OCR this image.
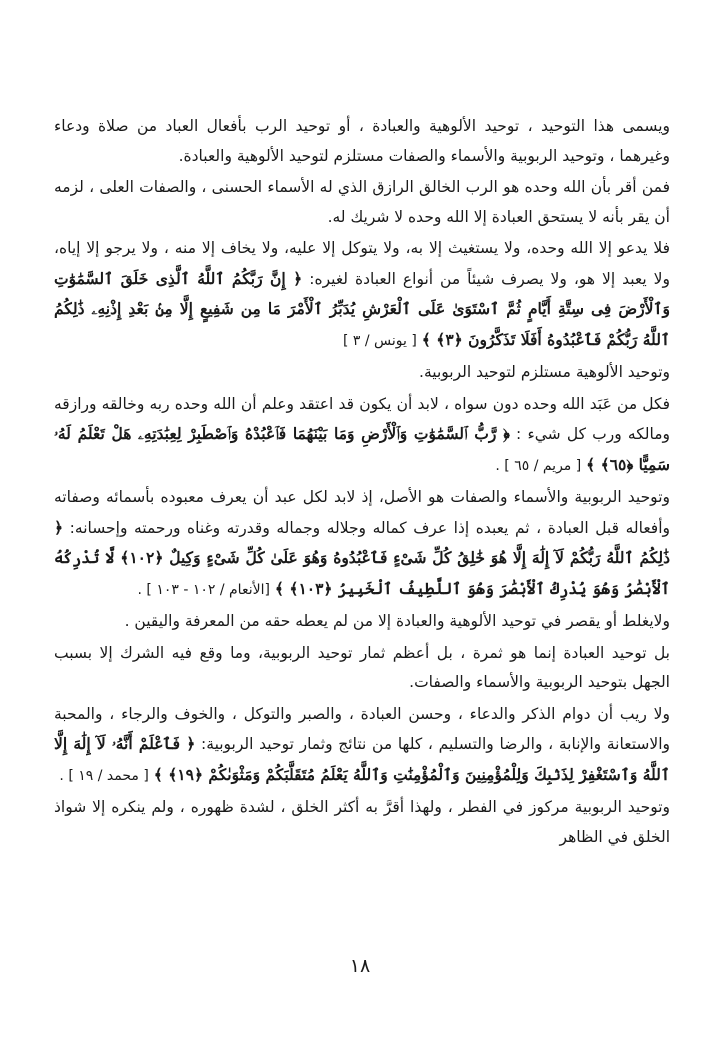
ويسمى هذا التوحيد ، توحيد الألوهية والعبادة ، أو توحيد الرب بأفعال العباد من صلاة ودعاء وغيرهما ، وتوحيد الربوبية والأسماء والصفات مستلزم لتوحيد الألوهية والعبادة.

فمن أقر بأن الله وحده هو الرب الخالق الرازق الذي له الأسماء الحسنى ، والصفات العلى ، لزمه أن يقر بأنه لا يستحق العبادة إلا الله وحده لا شريك له.

فلا يدعو إلا الله وحده، ولا يستغيث إلا به، ولا يتوكل إلا عليه، ولا يخاف إلا منه ، ولا يرجو إلا إياه، ولا يعبد إلا هو، ولا يصرف شيئاً من أنواع العبادة لغيره: ﴿ إِنَّ رَبَّكُمُ ٱللَّهُ ٱلَّذِى خَلَقَ ٱلسَّمَٰوَٰتِ وَٱلْأَرْضَ فِى سِتَّةِ أَيَّامٍ ثُمَّ ٱسْتَوَىٰ عَلَى ٱلْعَرْشِ يُدَبِّرُ ٱلْأَمْرَ مَا مِن شَفِيعٍ إِلَّا مِنۢ بَعْدِ إِذْنِهِۦ ذَٰلِكُمُ ٱللَّهُ رَبُّكُمْ فَٱعْبُدُوهُ أَفَلَا تَذَكَّرُونَ ﴿٣﴾ ﴾ [ يونس / ٣ ]

وتوحيد الألوهية مستلزم لتوحيد الربوبية.

فكل من عَبَد الله وحده دون سواه ، لابد أن يكون قد اعتقد وعلم أن الله وحده ربه وخالقه ورازقه ومالكه ورب كل شيء : ﴿ رَّبُّ ٱلسَّمَٰوَٰتِ وَٱلْأَرْضِ وَمَا بَيْنَهُمَا فَٱعْبُدْهُ وَٱصْطَبِرْ لِعِبَٰدَتِهِۦ هَلْ تَعْلَمُ لَهُۥ سَمِيًّا ﴿٦٥﴾ ﴾ [ مريم / ٦٥ ] .

وتوحيد الربوبية والأسماء والصفات هو الأصل، إذ لابد لكل عبد أن يعرف معبوده بأسمائه وصفاته وأفعاله قبل العبادة ، ثم يعبده إذا عرف كماله وجلاله وجماله وقدرته وغناه ورحمته وإحسانه: ﴿ ذَٰلِكُمُ ٱللَّهُ رَبُّكُمْ لَآ إِلَٰهَ إِلَّا هُوَ خَٰلِقُ كُلِّ شَىْءٍ فَٱعْبُدُوهُ وَهُوَ عَلَىٰ كُلِّ شَىْءٍ وَكِيلٌ ﴿١٠٢﴾ لَّا تُدْرِكُهُ ٱلْأَبْصَٰرُ وَهُوَ يُدْرِكُ ٱلْأَبْصَٰرَ وَهُوَ ٱللَّطِيفُ ٱلْخَبِيرُ ﴿١٠٣﴾ ﴾ [الأنعام / ١٠٢ - ١٠٣ ] .

ولايغلط أو يقصر في توحيد الألوهية والعبادة إلا من لم يعطه حقه من المعرفة واليقين .

بل توحيد العبادة إنما هو ثمرة ، بل أعظم ثمار توحيد الربوبية، وما وقع فيه الشرك إلا بسبب الجهل بتوحيد الربوبية والأسماء والصفات.

ولا ريب أن دوام الذكر والدعاء ، وحسن العبادة ، والصبر والتوكل ، والخوف والرجاء ، والمحبة والاستعانة والإنابة ، والرضا والتسليم ، كلها من نتائج وثمار توحيد الربوبية: ﴿ فَٱعْلَمْ أَنَّهُۥ لَآ إِلَٰهَ إِلَّا ٱللَّهُ وَٱسْتَغْفِرْ لِذَنۢبِكَ وَلِلْمُؤْمِنِينَ وَٱلْمُؤْمِنَٰتِ وَٱللَّهُ يَعْلَمُ مُتَقَلَّبَكُمْ وَمَثْوَىٰكُمْ ﴿١٩﴾ ﴾ [ محمد / ١٩ ] .

وتوحيد الربوبية مركوز في الفطر ، ولهذا أقرَّ به أكثر الخلق ، لشدة ظهوره ، ولم ينكره إلا شواذ الخلق في الظاهر

١٨
